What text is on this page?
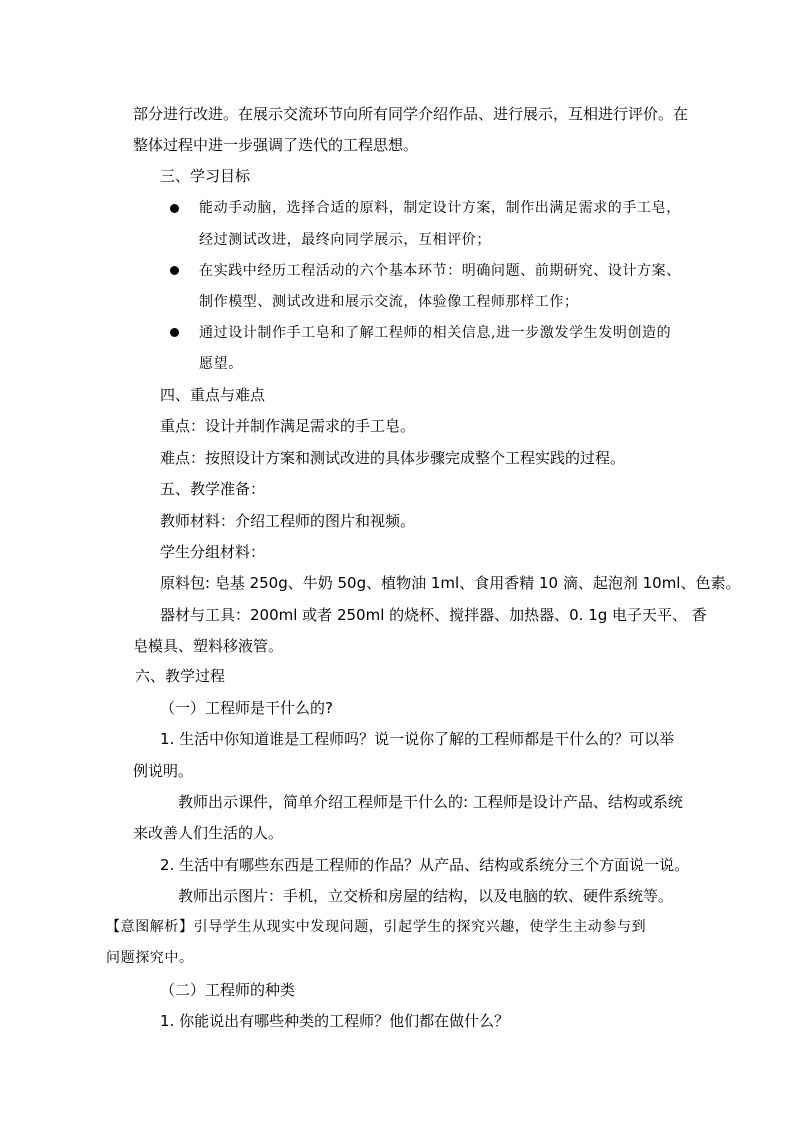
部分进行改进。在展示交流环节向所有同学介绍作品、进行展示，互相进行评价。在
整体过程中进一步强调了迭代的工程思想。
三、学习目标
能动手动脑，选择合适的原料，制定设计方案，制作出满足需求的手工皂，
经过测试改进，最终向同学展示，互相评价；
在实践中经历工程活动的六个基本环节：明确问题、前期研究、设计方案、
制作模型、测试改进和展示交流，体验像工程师那样工作；
通过设计制作手工皂和了解工程师的相关信息,进一步激发学生发明创造的
愿望。
四、重点与难点
重点：设计并制作满足需求的手工皂。
难点：按照设计方案和测试改进的具体步骤完成整个工程实践的过程。
五、教学准备：
教师材料：介绍工程师的图片和视频。
学生分组材料：
原料包: 皂基 250g、牛奶 50g、植物油 1ml、食用香精 10 滴、起泡剂 10ml、色素。
器材与工具：200ml 或者 250ml 的烧杯、搅拌器、加热器、0. 1g 电子天平、 香
皂模具、塑料移液管。
六、教学过程
（一）工程师是干什么的?
1. 生活中你知道谁是工程师吗？说一说你了解的工程师都是干什么的？可以举
例说明。
教师出示课件，简单介绍工程师是干什么的: 工程师是设计产品、结构或系统
来改善人们生活的人。
2. 生活中有哪些东西是工程师的作品？从产品、结构或系统分三个方面说一说。
教师出示图片：手机，立交桥和房屋的结构，以及电脑的软、硬件系统等。
【意图解析】引导学生从现实中发现问题，引起学生的探究兴趣，使学生主动参与到
问题探究中。
（二）工程师的种类
1. 你能说出有哪些种类的工程师？他们都在做什么？
